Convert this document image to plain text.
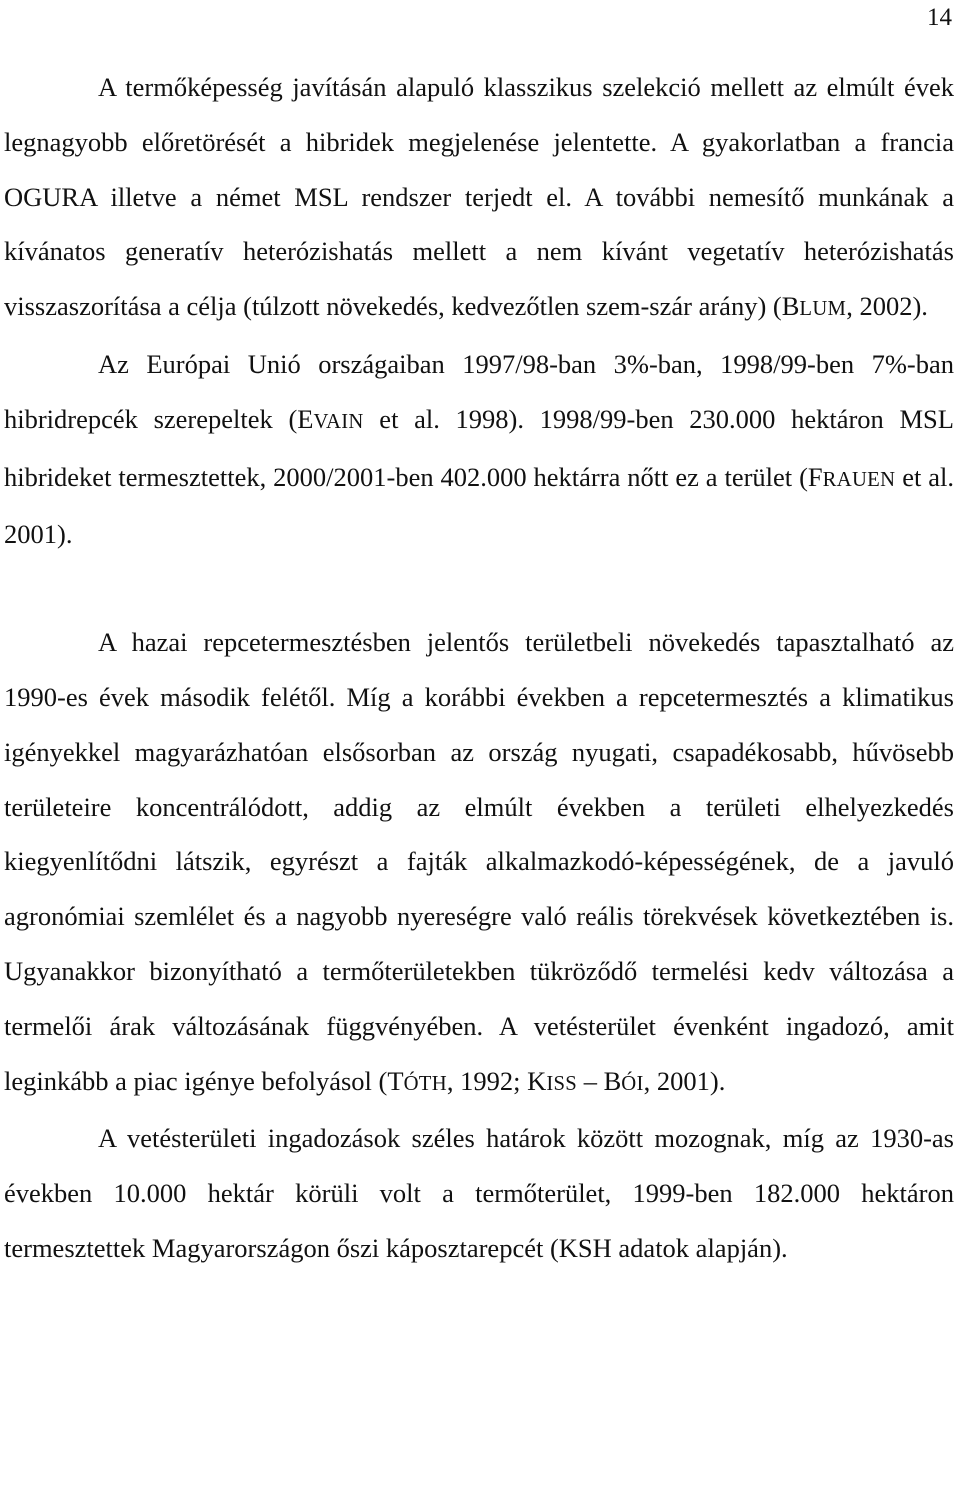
14

A termőképesség javításán alapuló klasszikus szelekció mellett az elmúlt évek legnagyobb előretörését a hibridek megjelenése jelentette. A gyakorlatban a francia OGURA illetve a német MSL rendszer terjedt el. A további nemesítő munkának a kívánatos generatív heterózishatás mellett a nem kívánt vegetatív heterózishatás visszaszorítása a célja (túlzott növekedés, kedvezőtlen szem-szár arány) (BLUM, 2002).

Az Európai Unió országaiban 1997/98-ban 3%-ban, 1998/99-ben 7%-ban hibridrepcék szerepeltek (EVAIN et al. 1998). 1998/99-ben 230.000 hektáron MSL hibrideket termesztettek, 2000/2001-ben 402.000 hektárra nőtt ez a terület (FRAUEN et al. 2001).

A hazai repcetermesztésben jelentős területbeli növekedés tapasztalható az 1990-es évek második felétől. Míg a korábbi években a repcetermesztés a klimatikus igényekkel magyarázhatóan elsősorban az ország nyugati, csapadékosabb, hűvösebb területeire koncentrálódott, addig az elmúlt években a területi elhelyezkedés kiegyenlítődni látszik, egyrészt a fajták alkalmazkodó-képességének, de a javuló agronómiai szemlélet és a nagyobb nyereségre való reális törekvések következtében is. Ugyanakkor bizonyítható a termőterületekben tükröződő termelési kedv változása a termelői árak változásának függvényében. A vetésterület évenként ingadozó, amit leginkább a piac igénye befolyásol (TÓTH, 1992; KISS – BÓI, 2001).

A vetésterületi ingadozások széles határok között mozognak, míg az 1930-as években 10.000 hektár körüli volt a termőterület, 1999-ben 182.000 hektáron termesztettek Magyarországon őszi káposztarepcét (KSH adatok alapján).
